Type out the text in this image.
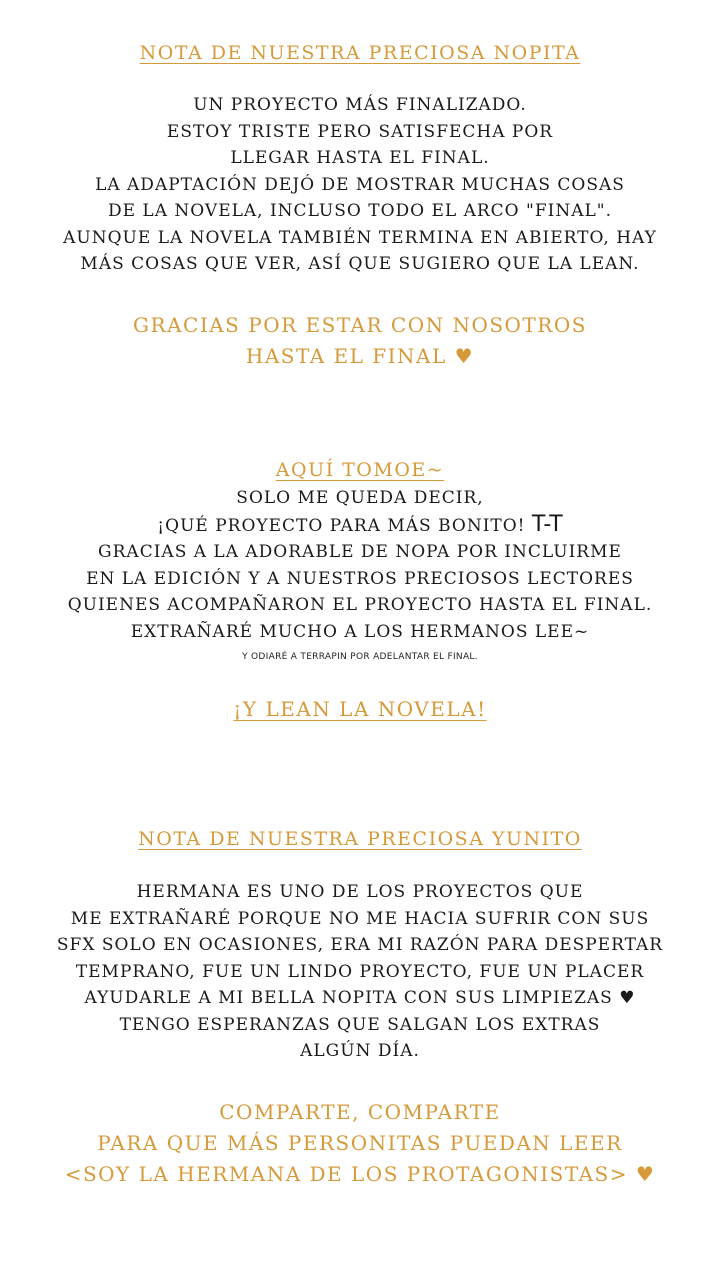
NOTA DE NUESTRA PRECIOSA NOPITA
UN PROYECTO MÁS FINALIZADO.
ESTOY TRISTE PERO SATISFECHA POR
LLEGAR HASTA EL FINAL.
LA ADAPTACIÓN DEJÓ DE MOSTRAR MUCHAS COSAS
DE LA NOVELA, INCLUSO TODO EL ARCO "FINAL".
AUNQUE LA NOVELA TAMBIÉN TERMINA EN ABIERTO, HAY
MÁS COSAS QUE VER, ASÍ QUE SUGIERO QUE LA LEAN.
GRACIAS POR ESTAR CON NOSOTROS
HASTA EL FINAL ♥
AQUÍ TOMOE~
SOLO ME QUEDA DECIR,
¡QUÉ PROYECTO PARA MÁS BONITO! T-T
GRACIAS A LA ADORABLE DE NOPA POR INCLUIRME
EN LA EDICIÓN Y A NUESTROS PRECIOSOS LECTORES
QUIENES ACOMPAÑARON EL PROYECTO HASTA EL FINAL.
EXTRAÑARÉ MUCHO A LOS HERMANOS LEE~
Y ODIARÉ A TERRAPIN POR ADELANTAR EL FINAL.
¡Y LEAN LA NOVELA!
NOTA DE NUESTRA PRECIOSA YUNITO
HERMANA ES UNO DE LOS PROYECTOS QUE
ME EXTRAÑARÉ PORQUE NO ME HACIA SUFRIR CON SUS
SFX SOLO EN OCASIONES, ERA MI RAZÓN PARA DESPERTAR
TEMPRANO, FUE UN LINDO PROYECTO, FUE UN PLACER
AYUDARLE A MI BELLA NOPITA CON SUS LIMPIEZAS ♥
TENGO ESPERANZAS QUE SALGAN LOS EXTRAS
ALGÚN DÍA.
COMPARTE, COMPARTE
PARA QUE MÁS PERSONITAS PUEDAN LEER
<SOY LA HERMANA DE LOS PROTAGONISTAS> ♥
